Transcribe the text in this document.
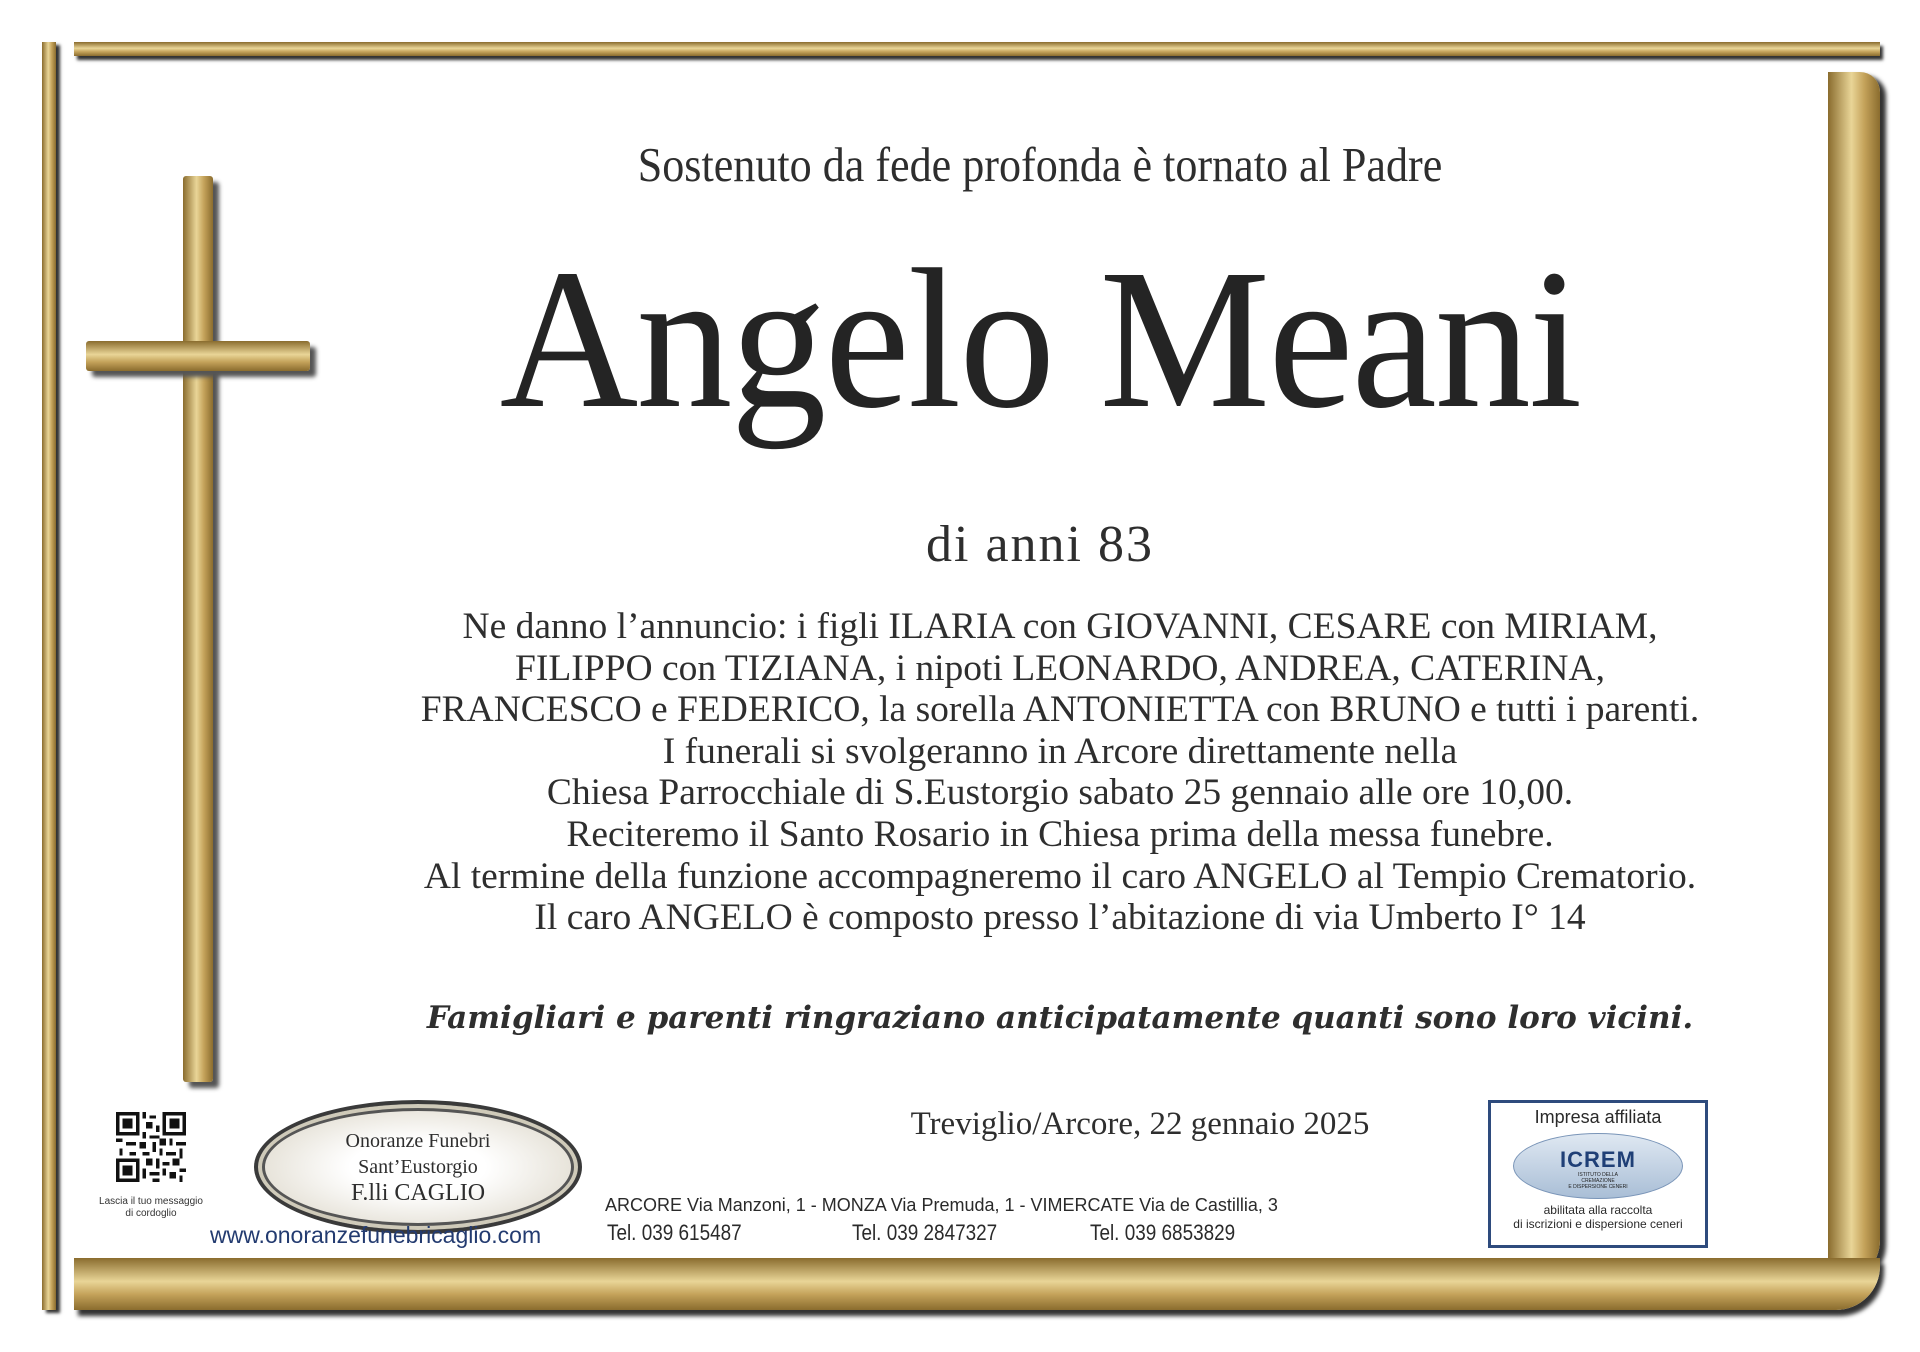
Sostenuto da fede profonda è tornato al Padre
Angelo Meani
di anni 83
Ne danno l’annuncio: i figli ILARIA con GIOVANNI, CESARE con MIRIAM,
FILIPPO con TIZIANA, i nipoti LEONARDO, ANDREA, CATERINA,
FRANCESCO e FEDERICO, la sorella ANTONIETTA con BRUNO e tutti i parenti.
I funerali si svolgeranno in Arcore direttamente nella
Chiesa Parrocchiale di S.Eustorgio sabato 25 gennaio alle ore 10,00.
Reciteremo il Santo Rosario in Chiesa prima della messa funebre.
Al termine della funzione accompagneremo il caro ANGELO al Tempio Crematorio.
Il caro ANGELO è composto presso l’abitazione di via Umberto I° 14
Famigliari e parenti ringraziano anticipatamente quanti sono loro vicini.
Treviglio/Arcore, 22 gennaio 2025
Lascia il tuo messaggio
di cordoglio
Onoranze Funebri
Sant’Eustorgio
F.lli CAGLIO
www.onoranzefunebricaglio.com
ARCORE Via Manzoni, 1 - MONZA Via Premuda, 1 - VIMERCATE Via de Castillia, 3
Tel. 039 615487	Tel. 039 2847327	Tel. 039 6853829
Impresa affiliata
ICREM
ISTITUTO DELLA
CREMAZIONE
E DISPERSIONE CENERI
abilitata alla raccolta
di iscrizioni e dispersione ceneri
